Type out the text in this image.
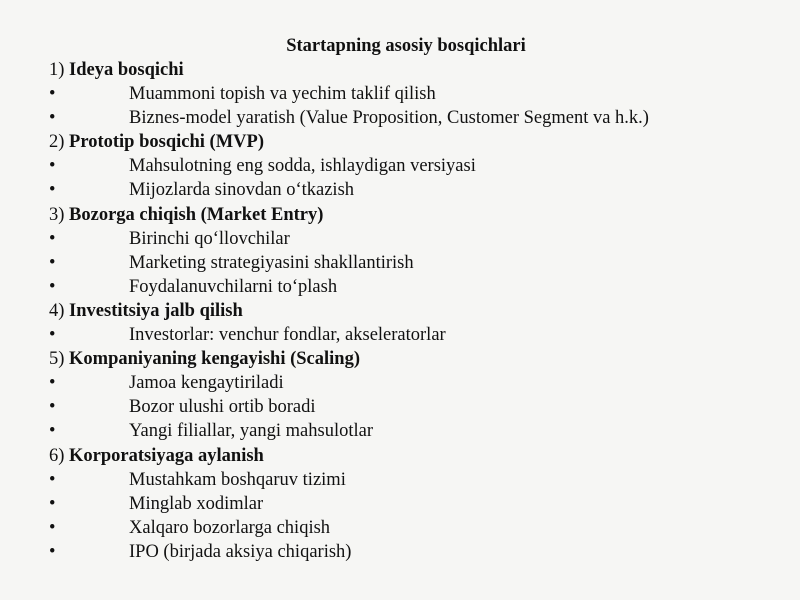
Startapning asosiy bosqichlari
1) Ideya bosqichi
•	Muammoni topish va yechim taklif qilish
•	Biznes-model yaratish (Value Proposition, Customer Segment va h.k.)
2) Prototip bosqichi (MVP)
•	Mahsulotning eng sodda, ishlaydigan versiyasi
•	Mijozlarda sinovdan o‘tkazish
3) Bozorga chiqish (Market Entry)
•	Birinchi qo‘llovchilar
•	Marketing strategiyasini shakllantirish
•	Foydalanuvchilarni to‘plash
4) Investitsiya jalb qilish
•	Investorlar: venchur fondlar, akseleratorlar
5) Kompaniyaning kengayishi (Scaling)
•	Jamoa kengaytiriladi
•	Bozor ulushi ortib boradi
•	Yangi filiallar, yangi mahsulotlar
6) Korporatsiyaga aylanish
•	Mustahkam boshqaruv tizimi
•	Minglab xodimlar
•	Xalqaro bozorlarga chiqish
•	IPO (birjada aksiya chiqarish)
